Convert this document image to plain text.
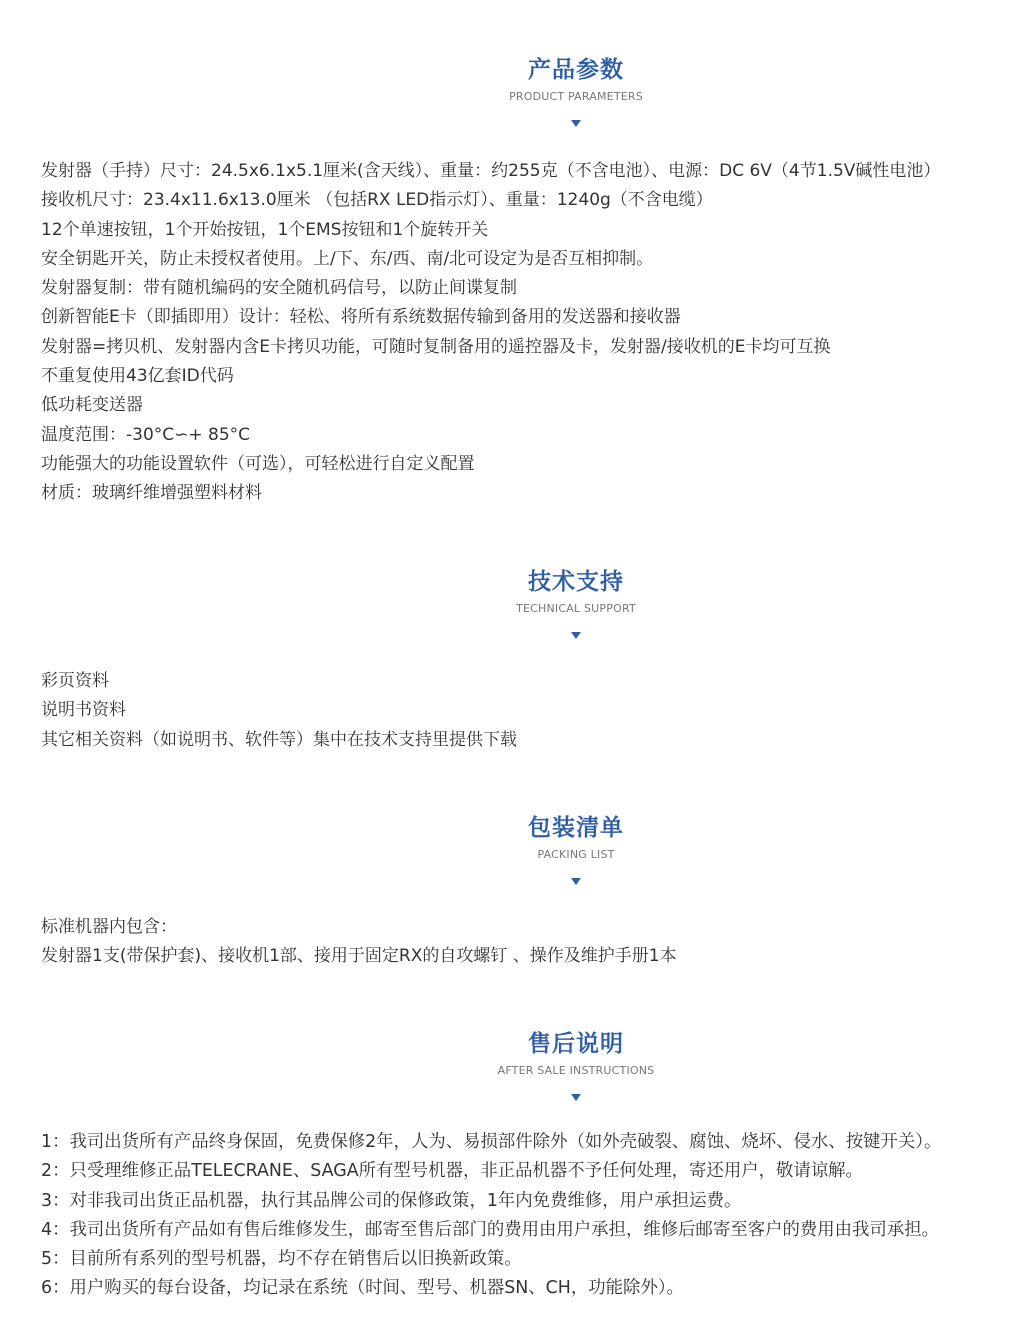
产品参数
PRODUCT PARAMETERS
发射器（手持）尺寸：24.5x6.1x5.1厘米(含天线）、重量：约255克（不含电池）、电源：DC 6V（4节1.5V碱性电池）
接收机尺寸：23.4x11.6x13.0厘米 （包括RX LED指示灯）、重量：1240g（不含电缆）
12个单速按钮，1个开始按钮，1个EMS按钮和1个旋转开关
安全钥匙开关，防止未授权者使用。上/下、东/西、南/北可设定为是否互相抑制。
发射器复制：带有随机编码的安全随机码信号，以防止间谍复制
创新智能E卡（即插即用）设计：轻松、将所有系统数据传输到备用的发送器和接收器
发射器=拷贝机、发射器内含E卡拷贝功能，可随时复制备用的遥控器及卡，发射器/接收机的E卡均可互换
不重复使用43亿套ID代码
低功耗变送器
温度范围：-30°C∽+ 85°C
功能强大的功能设置软件（可选），可轻松进行自定义配置
材质：玻璃纤维增强塑料材料
技术支持
TECHNICAL SUPPORT
彩页资料
说明书资料
其它相关资料（如说明书、软件等）集中在技术支持里提供下载
包装清单
PACKING LIST
标准机器内包含：
发射器1支(带保护套)、接收机1部、接用于固定RX的自攻螺钉 、操作及维护手册1本
售后说明
AFTER SALE INSTRUCTIONS
1：我司出货所有产品终身保固，免费保修2年，人为、易损部件除外（如外壳破裂、腐蚀、烧坏、侵水、按键开关）。
2：只受理维修正品TELECRANE、SAGA所有型号机器，非正品机器不予任何处理，寄还用户，敬请谅解。
3：对非我司出货正品机器，执行其品牌公司的保修政策，1年内免费维修，用户承担运费。
4：我司出货所有产品如有售后维修发生，邮寄至售后部门的费用由用户承担，维修后邮寄至客户的费用由我司承担。
5：目前所有系列的型号机器，均不存在销售后以旧换新政策。
6：用户购买的每台设备，均记录在系统（时间、型号、机器SN、CH，功能除外）。
